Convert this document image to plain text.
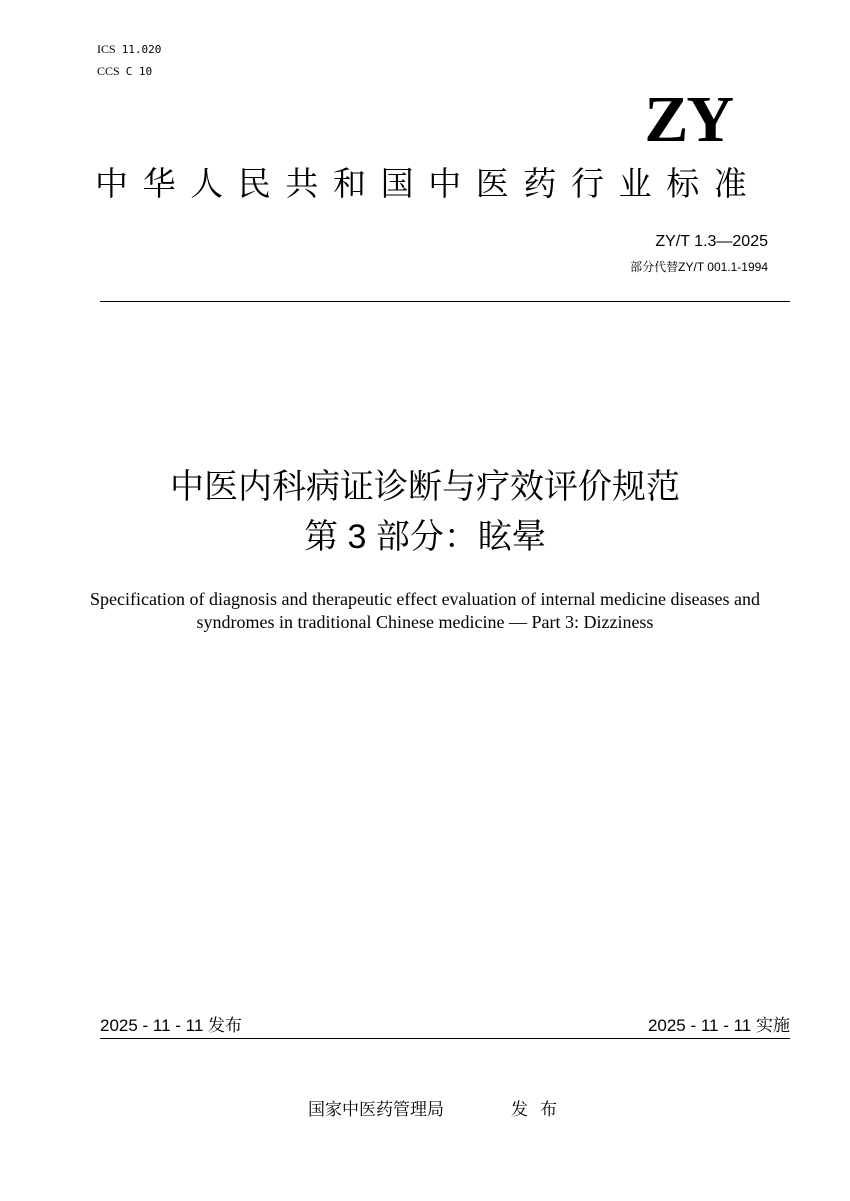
ICS 11.020
CCS C 10
ZY
中华人民共和国中医药行业标准
ZY/T 1.3—2025
部分代替ZY/T 001.1-1994
中医内科病证诊断与疗效评价规范
第 3 部分：眩晕
Specification of diagnosis and therapeutic effect evaluation of internal medicine diseases and syndromes in traditional Chinese medicine — Part 3: Dizziness
2025 - 11 - 11 发布	2025 - 11 - 11 实施
国家中医药管理局	发布
